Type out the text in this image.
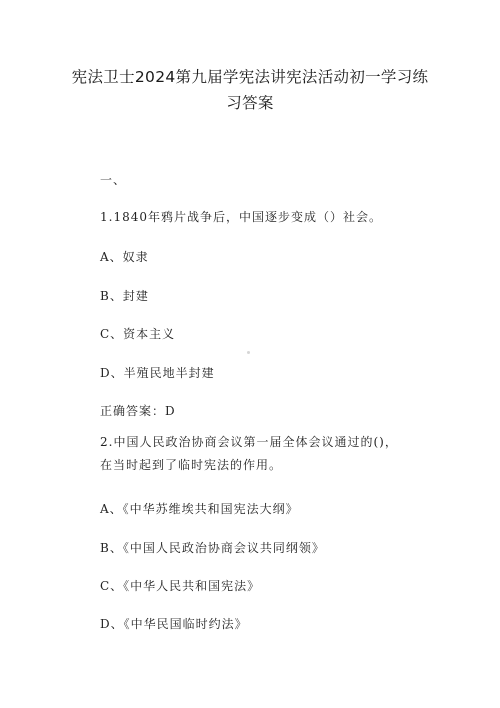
宪法卫士2024第九届学宪法讲宪法活动初一学习练习答案
一、
1.1840年鸦片战争后，中国逐步变成（）社会。
A、奴隶
B、封建
C、资本主义
D、半殖民地半封建
正确答案：D
2.中国人民政治协商会议第一届全体会议通过的()，在当时起到了临时宪法的作用。
A、《中华苏维埃共和国宪法大纲》
B、《中国人民政治协商会议共同纲领》
C、《中华人民共和国宪法》
D、《中华民国临时约法》
